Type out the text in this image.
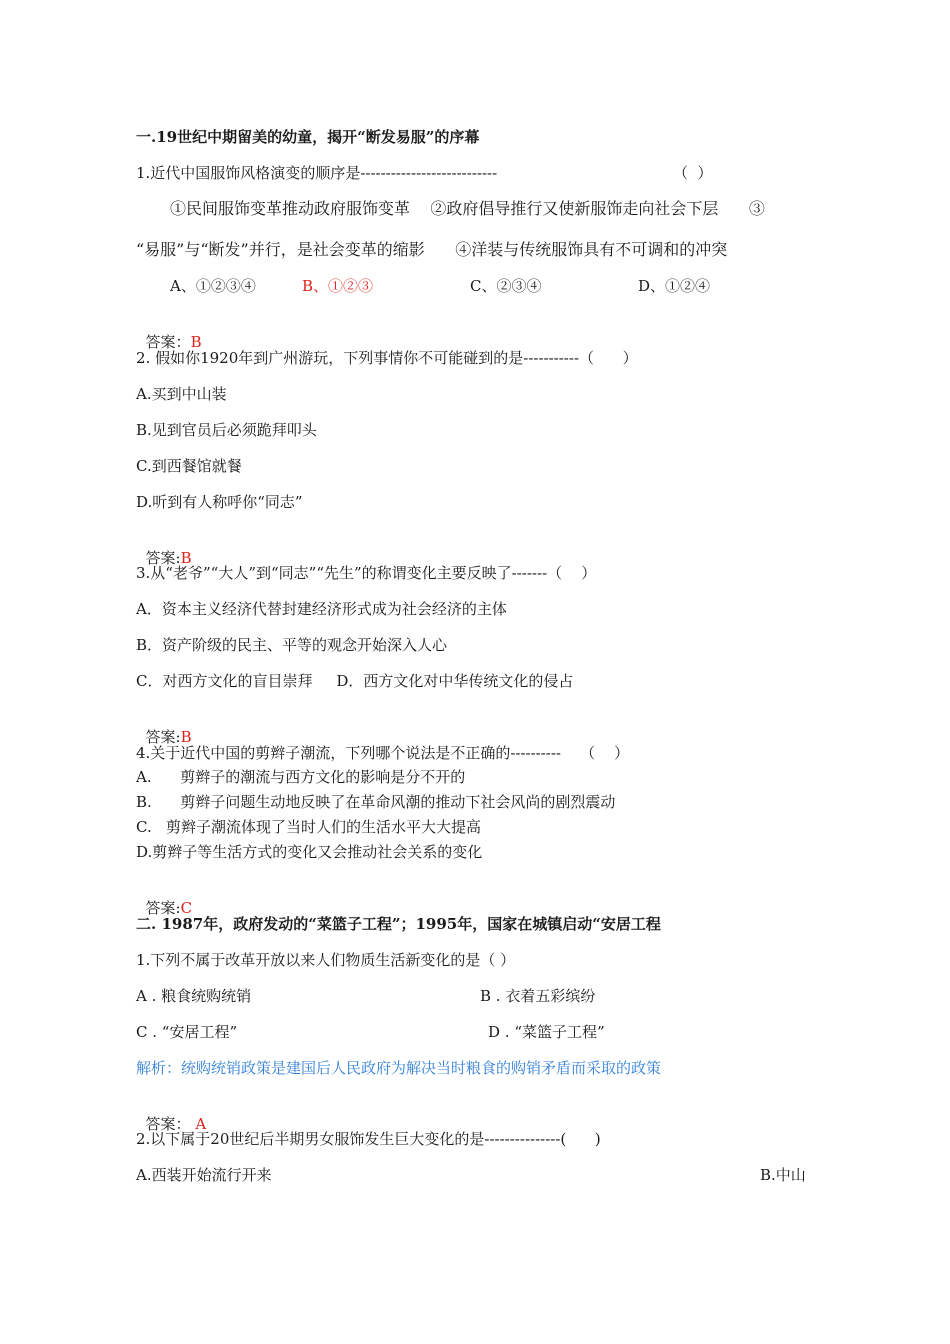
一.19世纪中期留美的幼童，揭开“断发易服”的序幕
1.近代中国服饰风格演变的顺序是---------------------------	（  ）
①民间服饰变革推动政府服饰变革    ②政府倡导推行又使新服饰走向社会下层      ③
“易服”与“断发”并行，是社会变革的缩影      ④洋装与传统服饰具有不可调和的冲突
A、①②③④	B、①②③	C、②③④	D、①②④

答案：B

2. 假如你1920年到广州游玩，下列事情你不可能碰到的是-----------（      ）
A.买到中山装
B.见到官员后必须跪拜叩头
C.到西餐馆就餐
D.听到有人称呼你“同志”

答案:B

3.从“老爷”“大人”到“同志”“先生”的称谓变化主要反映了-------（    ）
A．资本主义经济代替封建经济形式成为社会经济的主体
B．资产阶级的民主、平等的观念开始深入人心
C．对西方文化的盲目崇拜     D．西方文化对中华传统文化的侵占

答案:B

4.关于近代中国的剪辫子潮流，下列哪个说法是不正确的----------    （    ）
A.      剪辫子的潮流与西方文化的影响是分不开的
B.      剪辫子问题生动地反映了在革命风潮的推动下社会风尚的剧烈震动
C.   剪辫子潮流体现了当时人们的生活水平大大提高
D.剪辫子等生活方式的变化又会推动社会关系的变化

答案:C

二. 1987年，政府发动的“菜篮子工程”；1995年，国家在城镇启动“安居工程
1.下列不属于改革开放以来人们物质生活新变化的是（ ）
A . 粮食统购统销	B . 衣着五彩缤纷
C . “安居工程”	D . “菜篮子工程”
解析：统购统销政策是建国后人民政府为解决当时粮食的购销矛盾而采取的政策

答案： A

2.以下属于20世纪后半期男女服饰发生巨大变化的是---------------(      )
A.西装开始流行开来	B.中山
